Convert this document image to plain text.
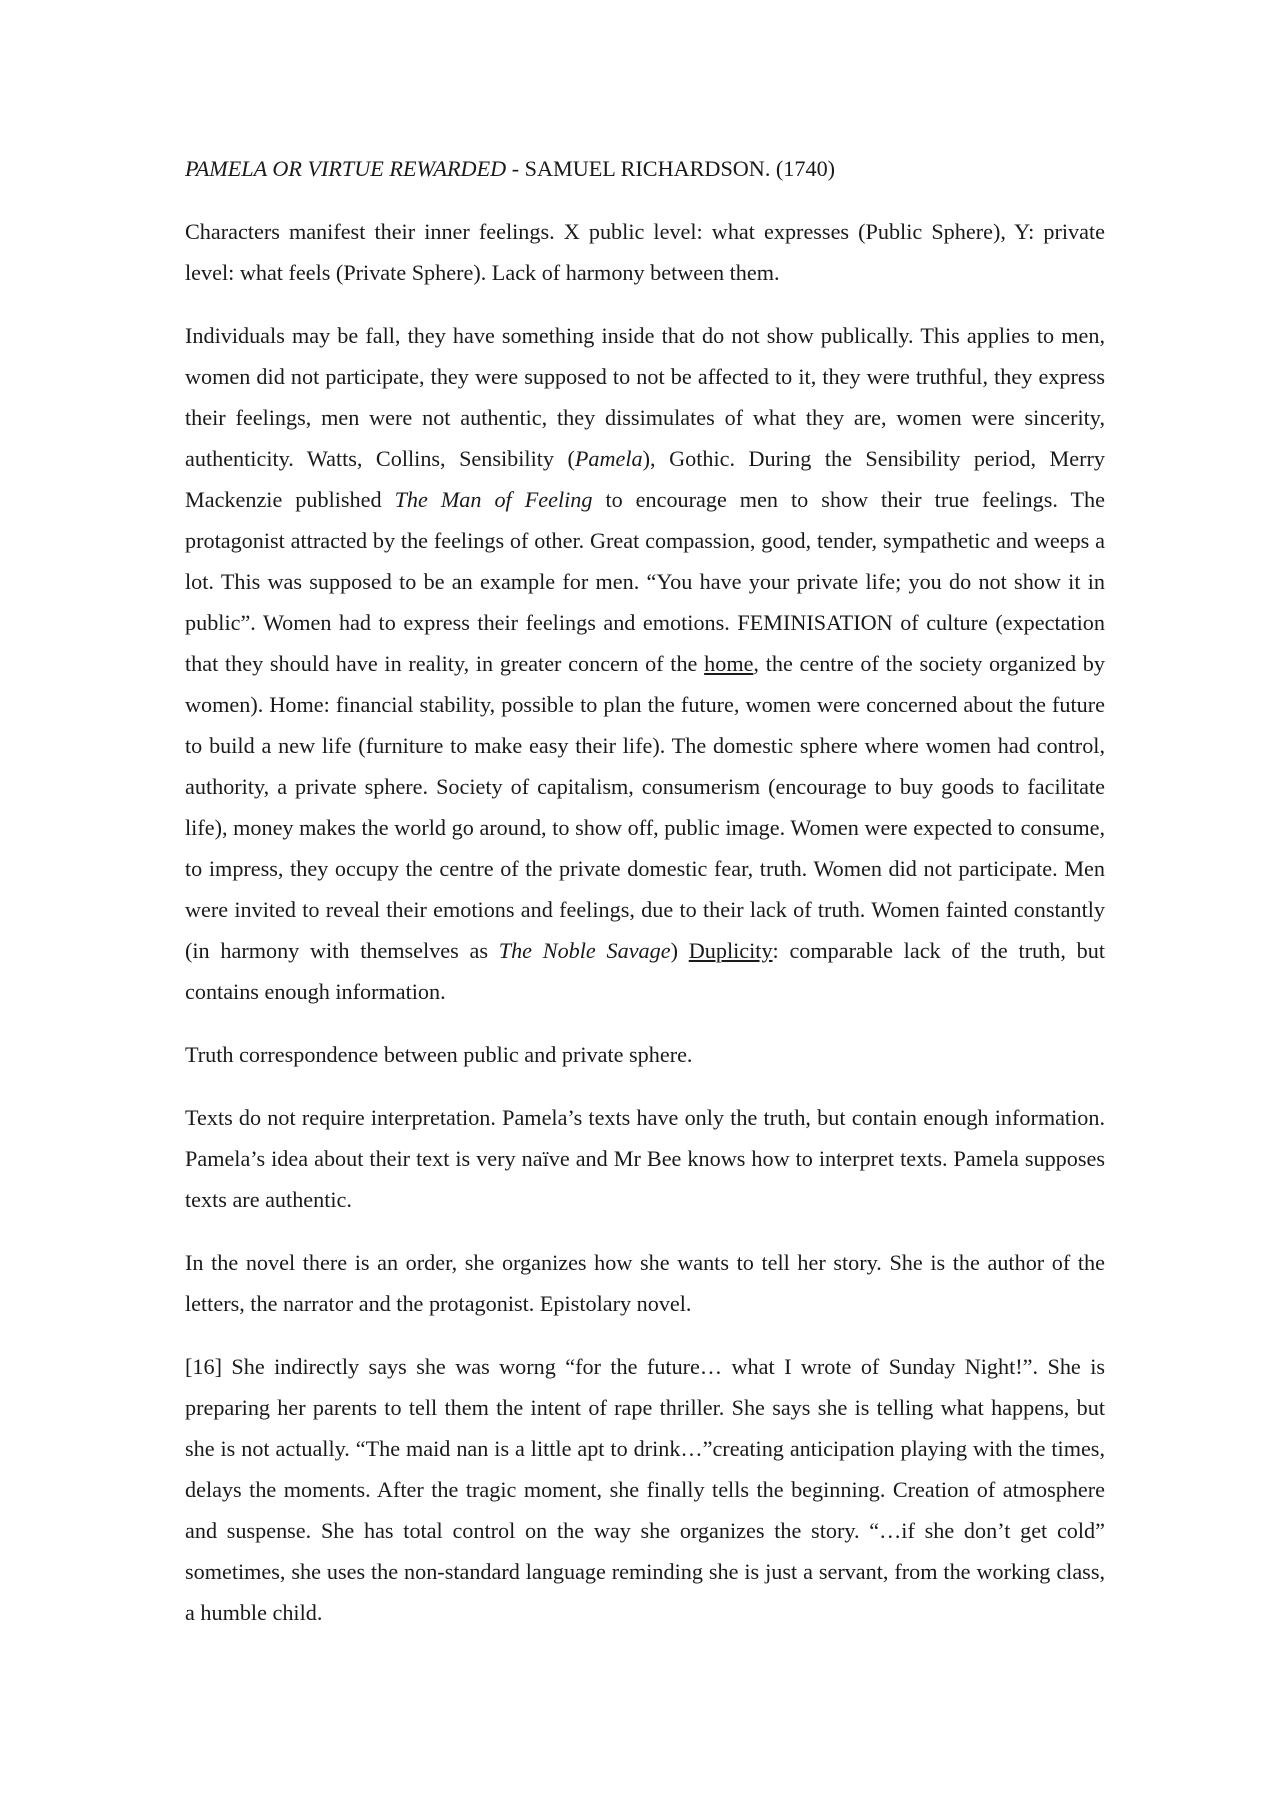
PAMELA OR VIRTUE REWARDED - SAMUEL RICHARDSON. (1740)

Characters manifest their inner feelings. X public level: what expresses (Public Sphere), Y: private level: what feels (Private Sphere). Lack of harmony between them.

Individuals may be fall, they have something inside that do not show publically. This applies to men, women did not participate, they were supposed to not be affected to it, they were truthful, they express their feelings, men were not authentic, they dissimulates of what they are, women were sincerity, authenticity. Watts, Collins, Sensibility (Pamela), Gothic. During the Sensibility period, Merry Mackenzie published The Man of Feeling to encourage men to show their true feelings. The protagonist attracted by the feelings of other. Great compassion, good, tender, sympathetic and weeps a lot. This was supposed to be an example for men. “You have your private life; you do not show it in public”. Women had to express their feelings and emotions. FEMINISATION of culture (expectation that they should have in reality, in greater concern of the home, the centre of the society organized by women). Home: financial stability, possible to plan the future, women were concerned about the future to build a new life (furniture to make easy their life). The domestic sphere where women had control, authority, a private sphere. Society of capitalism, consumerism (encourage to buy goods to facilitate life), money makes the world go around, to show off, public image. Women were expected to consume, to impress, they occupy the centre of the private domestic fear, truth. Women did not participate. Men were invited to reveal their emotions and feelings, due to their lack of truth. Women fainted constantly (in harmony with themselves as The Noble Savage) Duplicity: comparable lack of the truth, but contains enough information.

Truth correspondence between public and private sphere.

Texts do not require interpretation. Pamela’s texts have only the truth, but contain enough information. Pamela’s idea about their text is very naïve and Mr Bee knows how to interpret texts. Pamela supposes texts are authentic.

In the novel there is an order, she organizes how she wants to tell her story. She is the author of the letters, the narrator and the protagonist. Epistolary novel.

[16] She indirectly says she was worng “for the future… what I wrote of Sunday Night!”. She is preparing her parents to tell them the intent of rape thriller. She says she is telling what happens, but she is not actually. “The maid nan is a little apt to drink…”creating anticipation playing with the times, delays the moments. After the tragic moment, she finally tells the beginning. Creation of atmosphere and suspense. She has total control on the way she organizes the story. “…if she don’t get cold” sometimes, she uses the non-standard language reminding she is just a servant, from the working class, a humble child.
